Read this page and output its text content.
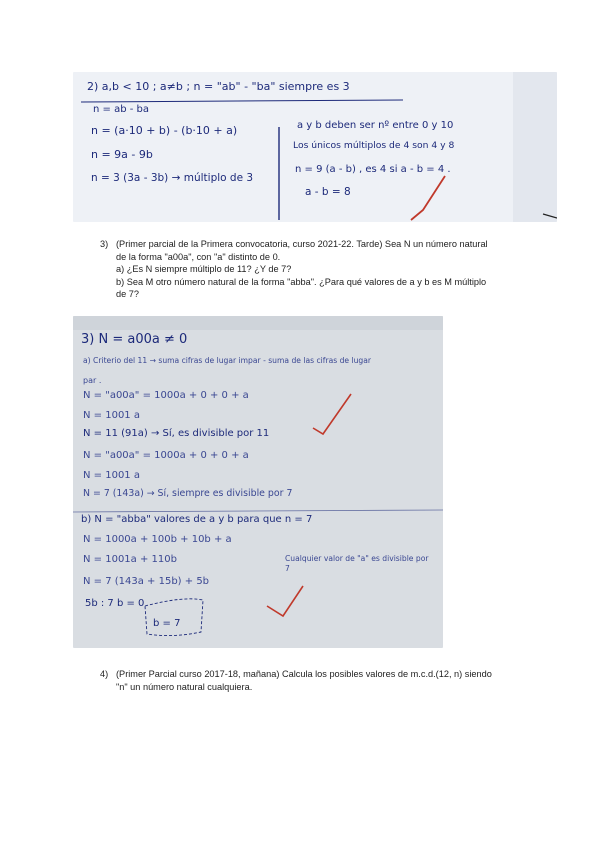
2) a,b < 10 ; a≠b ; n = "ab" - "ba" siempre es 3
n = ab - ba
n = (a·10 + b) - (b·10 + a)
n = 9a - 9b
n = 3 (3a - 3b) → múltiplo de 3
a y b deben ser nº entre 0 y 10
Los únicos múltiplos de 4 son 4 y 8
n = 9 (a - b) , es 4 si a - b = 4 .
a - b = 8
3) (Primer parcial de la Primera convocatoria, curso 2021-22. Tarde) Sea N un número natural
de la forma "a00a", con "a" distinto de 0.
a) ¿Es N siempre múltiplo de 11? ¿Y de 7?
b) Sea M otro número natural de la forma "abba". ¿Para qué valores de a y b es M múltiplo
de 7?
3) N = a00a ≠ 0
a) Criterio del 11 → suma cifras de lugar impar - suma de las cifras de lugar
par .
N = "a00a" = 1000a + 0 + 0 + a
N = 1001 a
N = 11 (91a) → Sí, es divisible por 11
N = "a00a" = 1000a + 0 + 0 + a
N = 1001 a
N = 7 (143a) → Sí, siempre es divisible por 7
b) N = "abba" valores de a y b para que n = 7
N = 1000a + 100b + 10b + a
N = 1001a + 110b
N = 7 (143a + 15b) + 5b
5b : 7 b = 0
b = 7
Cualquier valor de "a" es divisible por 7
4) (Primer Parcial curso 2017-18, mañana) Calcula los posibles valores de m.c.d.(12, n) siendo
"n" un número natural cualquiera.
